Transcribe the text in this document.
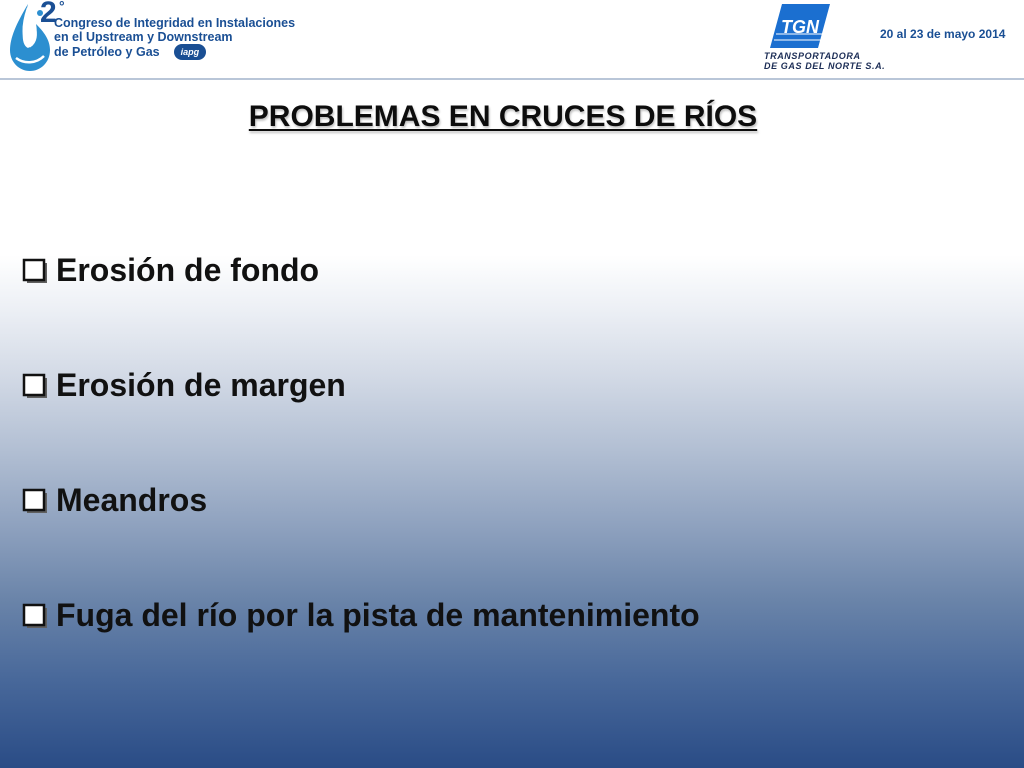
2 °
Congreso de Integridad en Instalaciones
en el Upstream y Downstream
de Petróleo y Gas iapg
TGN
TRANSPORTADORA
DE GAS DEL NORTE S.A.
20 al 23 de mayo 2014
PROBLEMAS EN CRUCES DE RÍOS
Erosión de fondo
Erosión de margen
Meandros
Fuga del río por la pista de mantenimiento
